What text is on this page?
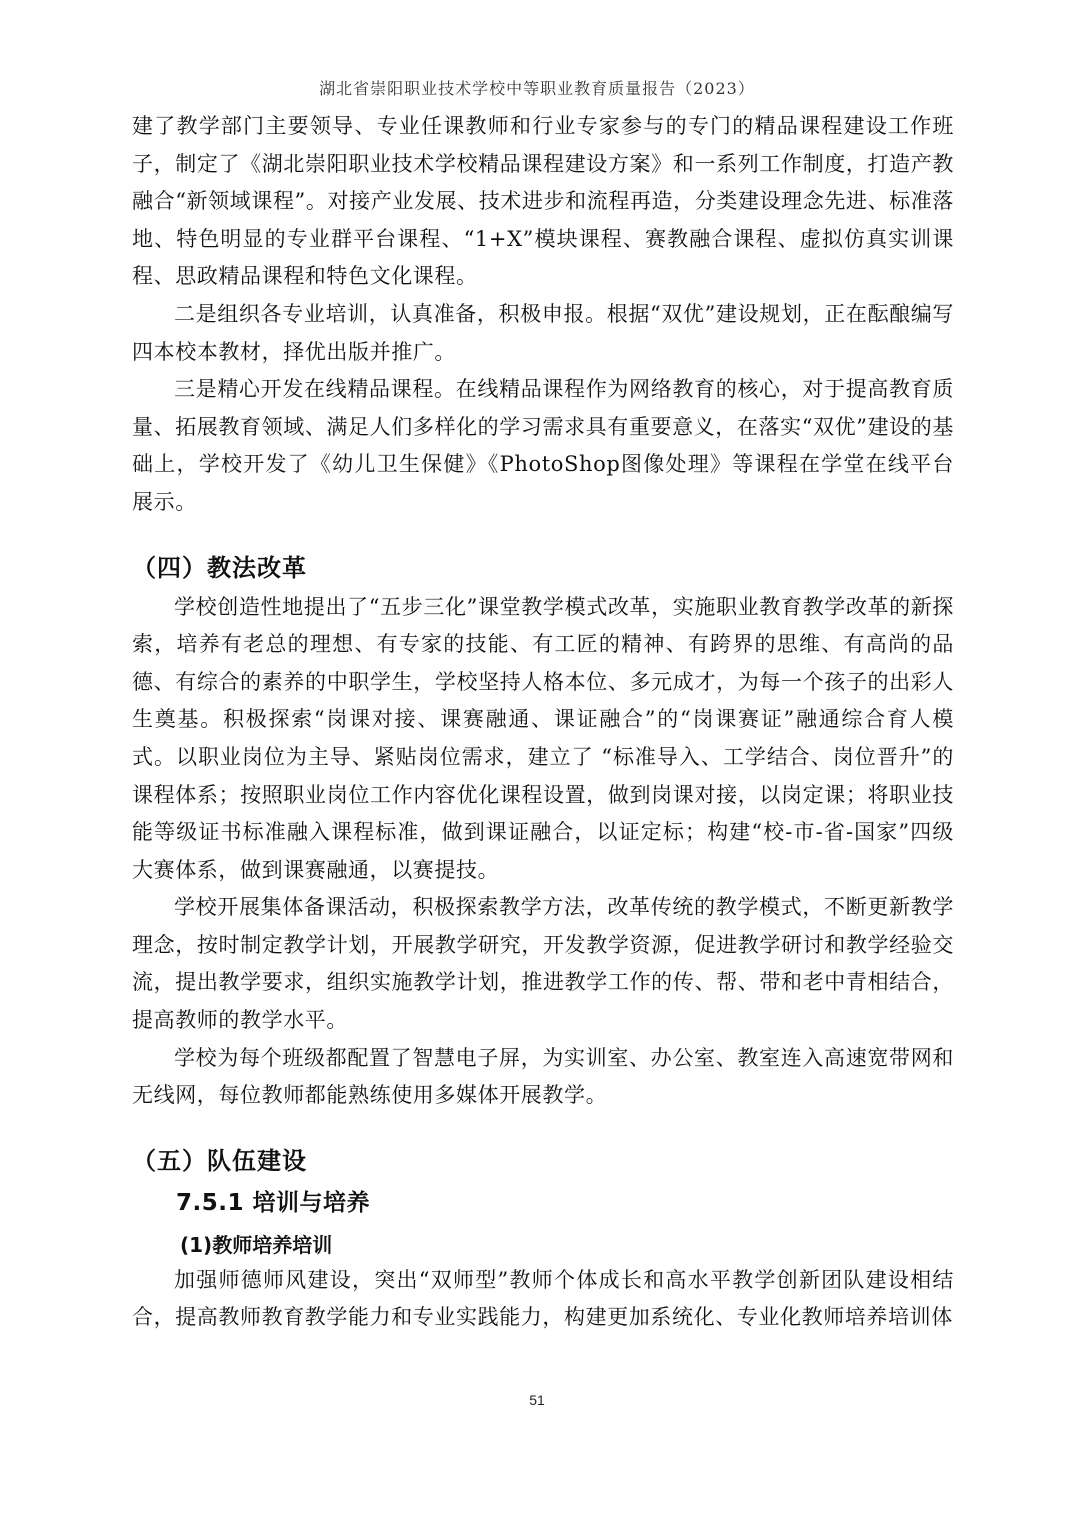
湖北省崇阳职业技术学校中等职业教育质量报告（2023）

建了教学部门主要领导、专业任课教师和行业专家参与的专门的精品课程建设工作班子，制定了《湖北崇阳职业技术学校精品课程建设方案》和一系列工作制度，打造产教融合“新领域课程”。对接产业发展、技术进步和流程再造，分类建设理念先进、标准落地、特色明显的专业群平台课程、“1+X”模块课程、赛教融合课程、虚拟仿真实训课程、思政精品课程和特色文化课程。

二是组织各专业培训，认真准备，积极申报。根据“双优”建设规划，正在酝酿编写四本校本教材，择优出版并推广。

三是精心开发在线精品课程。在线精品课程作为网络教育的核心，对于提高教育质量、拓展教育领域、满足人们多样化的学习需求具有重要意义，在落实“双优”建设的基础上，学校开发了《幼儿卫生保健》《PhotoShop图像处理》等课程在学堂在线平台展示。

（四）教法改革

学校创造性地提出了“五步三化”课堂教学模式改革，实施职业教育教学改革的新探索，培养有老总的理想、有专家的技能、有工匠的精神、有跨界的思维、有高尚的品德、有综合的素养的中职学生，学校坚持人格本位、多元成才，为每一个孩子的出彩人生奠基。积极探索“岗课对接、课赛融通、课证融合”的“岗课赛证”融通综合育人模式。以职业岗位为主导、紧贴岗位需求，建立了 “标准导入、工学结合、岗位晋升”的课程体系；按照职业岗位工作内容优化课程设置，做到岗课对接，以岗定课；将职业技能等级证书标准融入课程标准，做到课证融合，以证定标；构建“校-市-省-国家”四级大赛体系，做到课赛融通，以赛提技。

学校开展集体备课活动，积极探索教学方法，改革传统的教学模式，不断更新教学理念，按时制定教学计划，开展教学研究，开发教学资源，促进教学研讨和教学经验交流，提出教学要求，组织实施教学计划，推进教学工作的传、帮、带和老中青相结合，提高教师的教学水平。

学校为每个班级都配置了智慧电子屏，为实训室、办公室、教室连入高速宽带网和无线网，每位教师都能熟练使用多媒体开展教学。

（五）队伍建设
7.5.1 培训与培养
(1)教师培养培训

加强师德师风建设，突出“双师型”教师个体成长和高水平教学创新团队建设相结合，提高教师教育教学能力和专业实践能力，构建更加系统化、专业化教师培养培训体

51
